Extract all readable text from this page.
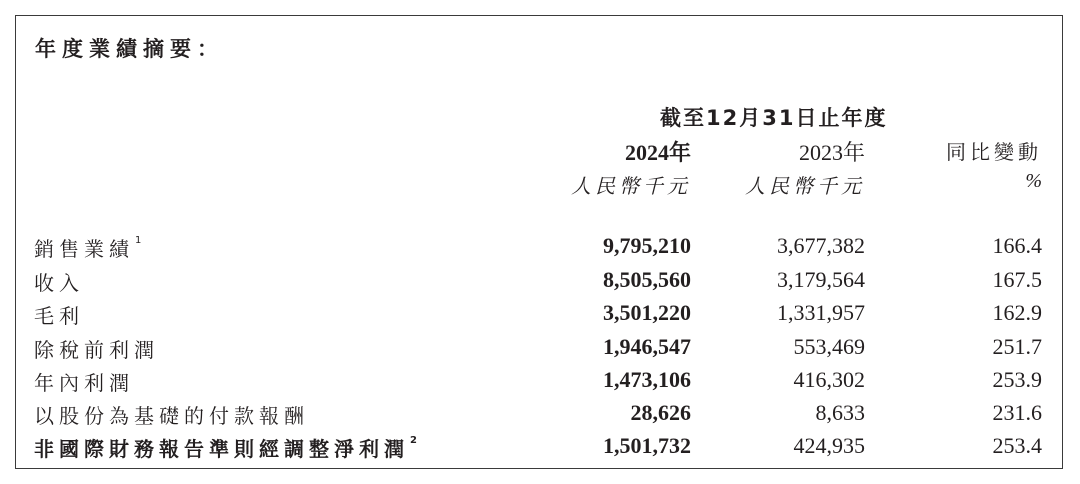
年度業績摘要：
截至12月31日止年度
2024年	2023年	同比變動
人民幣千元	人民幣千元	%
銷售業績$^1$	9,795,210	3,677,382	166.4
收入	8,505,560	3,179,564	167.5
毛利	3,501,220	1,331,957	162.9
除稅前利潤	1,946,547	553,469	251.7
年內利潤	1,473,106	416,302	253.9
以股份為基礎的付款報酬	28,626	8,633	231.6
非國際財務報告準則經調整淨利潤$^2$	1,501,732	424,935	253.4
